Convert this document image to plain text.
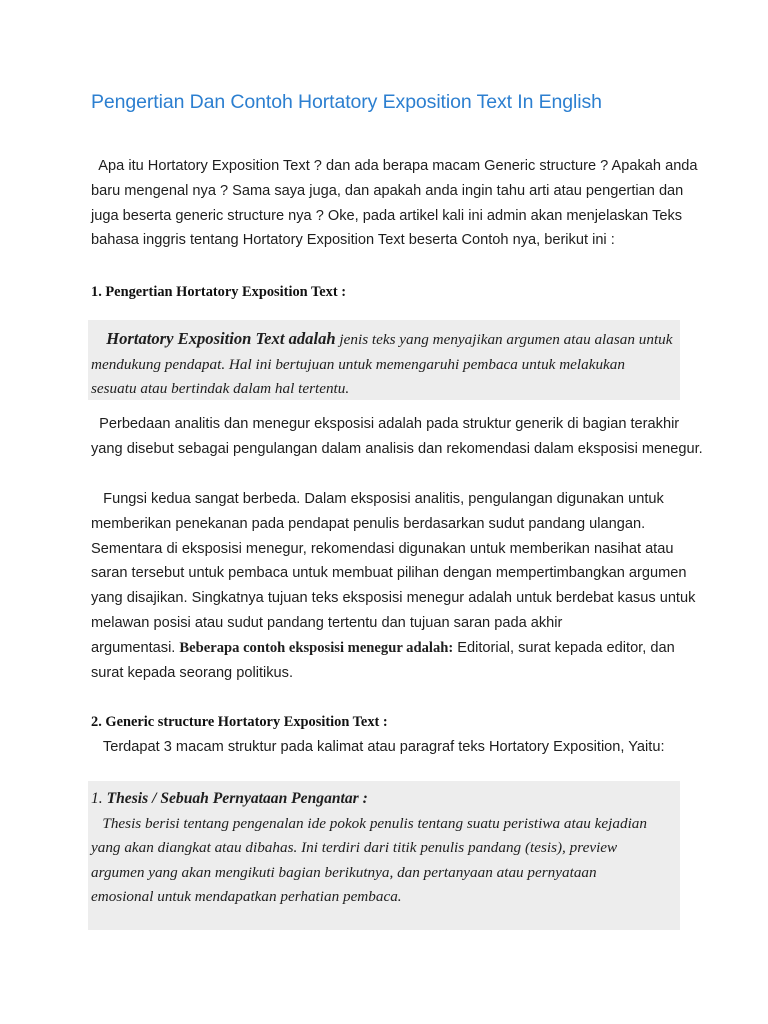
Pengertian Dan Contoh Hortatory Exposition Text In English
Apa itu Hortatory Exposition Text ? dan ada berapa macam Generic structure ? Apakah anda
baru mengenal nya ? Sama saya juga, dan apakah anda ingin tahu arti atau pengertian dan
juga beserta generic structure nya ? Oke, pada artikel kali ini admin akan menjelaskan Teks
bahasa inggris tentang Hortatory Exposition Text beserta Contoh nya, berikut ini :
1. Pengertian Hortatory Exposition Text :
Hortatory Exposition Text adalah jenis teks yang menyajikan argumen atau alasan untuk
mendukung pendapat. Hal ini bertujuan untuk memengaruhi pembaca untuk melakukan
sesuatu atau bertindak dalam hal tertentu.
Perbedaan analitis dan menegur eksposisi adalah pada struktur generik di bagian terakhir
yang disebut sebagai pengulangan dalam analisis dan rekomendasi dalam eksposisi menegur.
Fungsi kedua sangat berbeda. Dalam eksposisi analitis, pengulangan digunakan untuk
memberikan penekanan pada pendapat penulis berdasarkan sudut pandang ulangan.
Sementara di eksposisi menegur, rekomendasi digunakan untuk memberikan nasihat atau
saran tersebut untuk pembaca untuk membuat pilihan dengan mempertimbangkan argumen
yang disajikan. Singkatnya tujuan teks eksposisi menegur adalah untuk berdebat kasus untuk
melawan posisi atau sudut pandang tertentu dan tujuan saran pada akhir
argumentasi. Beberapa contoh eksposisi menegur adalah: Editorial, surat kepada editor, dan
surat kepada seorang politikus.
2. Generic structure Hortatory Exposition Text :
Terdapat 3 macam struktur pada kalimat atau paragraf teks Hortatory Exposition, Yaitu:
1. Thesis / Sebuah Pernyataan Pengantar :
Thesis berisi tentang pengenalan ide pokok penulis tentang suatu peristiwa atau kejadian
yang akan diangkat atau dibahas. Ini terdiri dari titik penulis pandang (tesis), preview
argumen yang akan mengikuti bagian berikutnya, dan pertanyaan atau pernyataan
emosional untuk mendapatkan perhatian pembaca.
